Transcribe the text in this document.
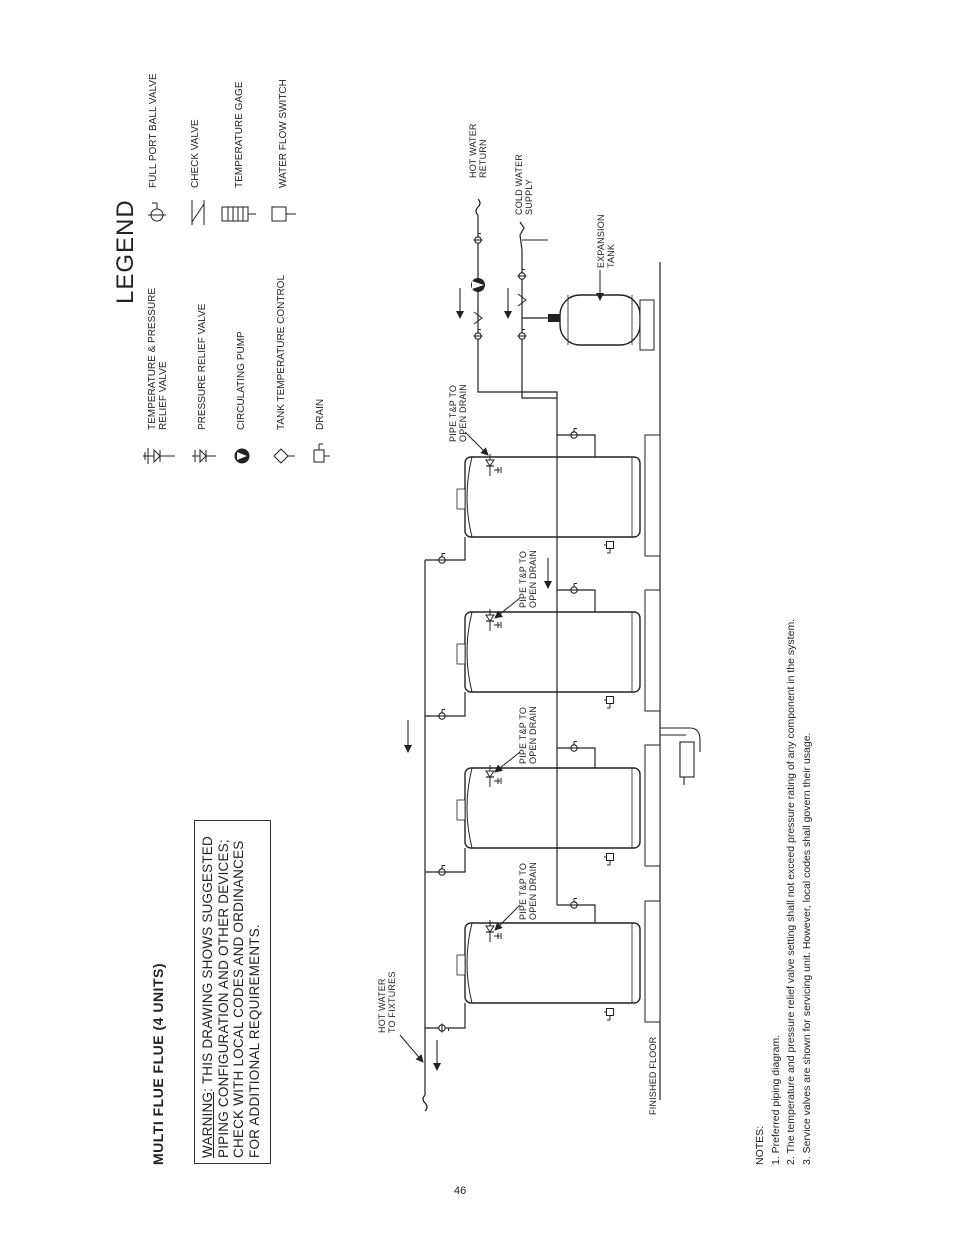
MULTI FLUE FLUE (4 UNITS)	WARNING: THIS DRAWING SHOWS SUGGESTED PIPING CONFIGURATION AND OTHER DEVICES; CHECK WITH LOCAL CODES AND ORDINANCES FOR ADDITIONAL REQUIREMENTS.
LEGEND
TEMPERATURE & PRESSURE RELIEF VALVE	PRESSURE RELIEF VALVE	CIRCULATING PUMP	TANK TEMPERATURE CONTROL	DRAIN
FULL PORT BALL VALVE	CHECK VALVE	TEMPERATURE GAGE	WATER FLOW SWITCH	HOT WATER RETURN	COLD WATER SUPPLY
EXPANSION TANK
HOT WATER TO FIXTURES
FINISHED FLOOR
PIPE T&P TO OPEN DRAIN
PIPE T&P TO OPEN DRAIN
PIPE T&P TO OPEN DRAIN
PIPE T&P TO OPEN DRAIN
NOTES: 1. Preferred piping diagram. 2. The temperature and pressure relief valve setting shall not exceed pressure rating of any component in the system. 3. Service valves are shown for servicing unit. However, local codes shall govern their usage.
46
